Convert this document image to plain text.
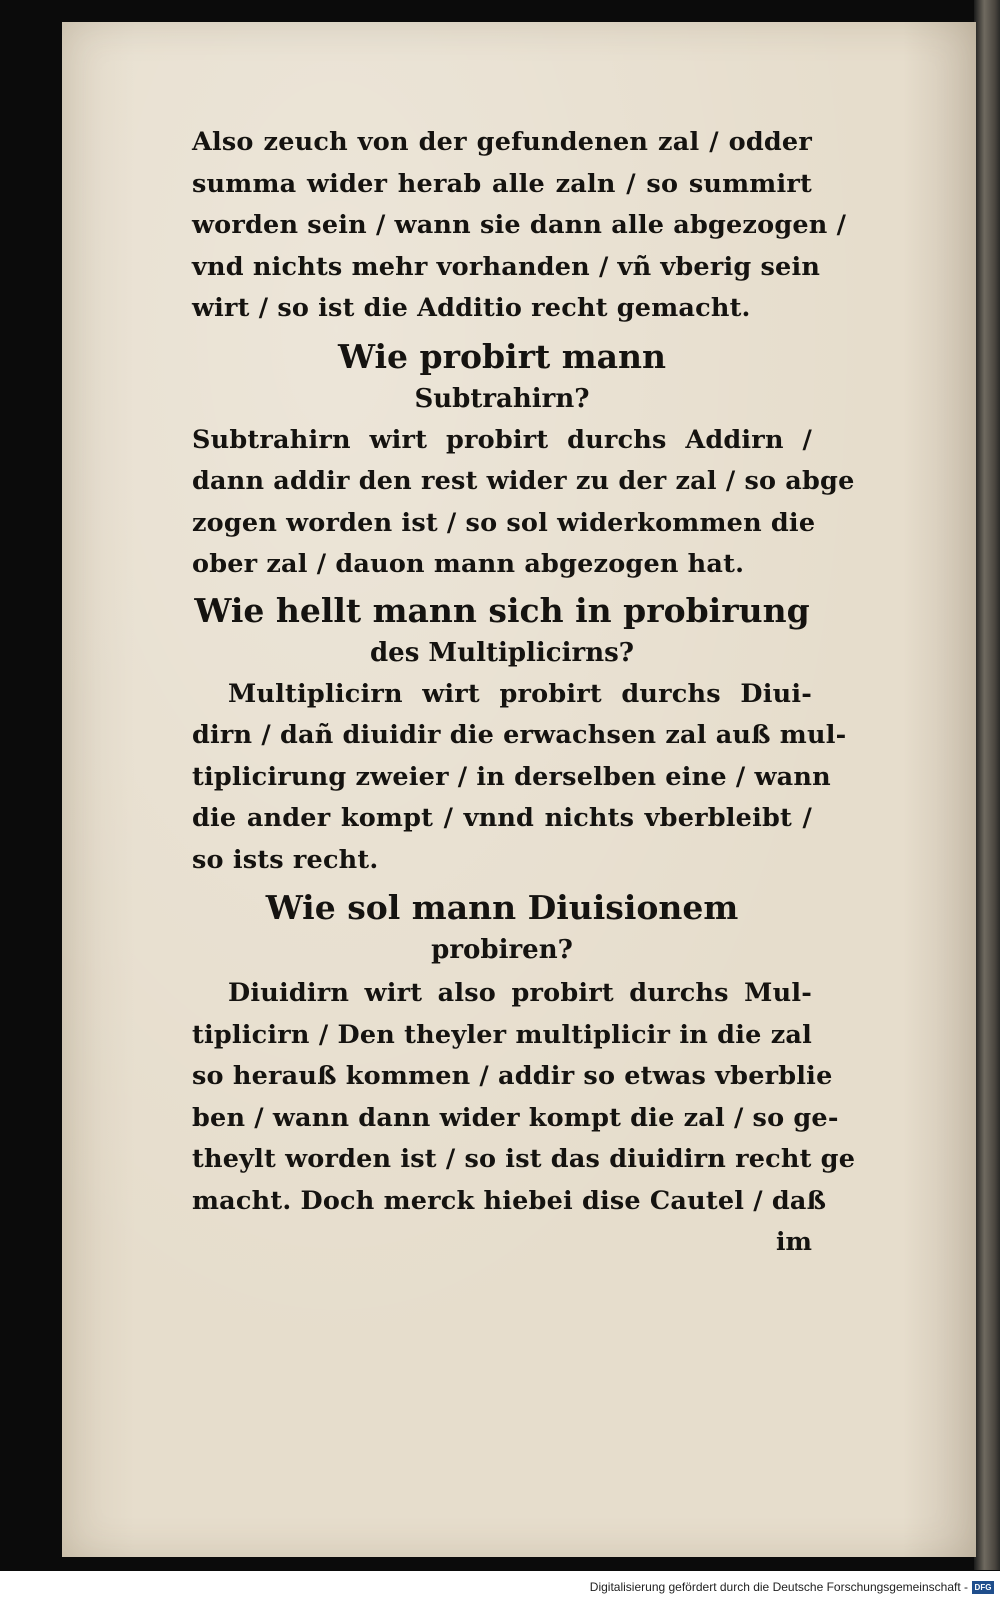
Also zeuch von der gefundenen zal / odder
summa wider herab alle zaln / so summirt
worden sein / wann sie dann alle abgezogen /
vnd nichts mehr vorhanden / vñ vberig sein
wirt / so ist die Additio recht gemacht.

Wie probirt mann
Subtrahirn?

Subtrahirn wirt probirt durchs Addirn /
dann addir den rest wider zu der zal / so abge
zogen worden ist / so sol widerkommen die
ober zal / dauon mann abgezogen hat.

Wie hellt mann sich in probirung
des Multiplicirns?

Multiplicirn wirt probirt durchs Diui-
dirn / dañ diuidir die erwachsen zal auß mul-
tiplicirung zweier / in derselben eine / wann
die ander kompt / vnnd nichts vberbleibt /
so ists recht.

Wie sol mann Diuisionem
probiren?

Diuidirn wirt also probirt durchs Mul-
tiplicirn / Den theyler multiplicir in die zal
so herauß kommen / addir so etwas vberblie
ben / wann dann wider kompt die zal / so ge-
theylt worden ist / so ist das diuidirn recht ge
macht. Doch merck hiebei dise Cautel / daß

im
Digitalisierung gefördert durch die Deutsche Forschungsgemeinschaft - DFG
